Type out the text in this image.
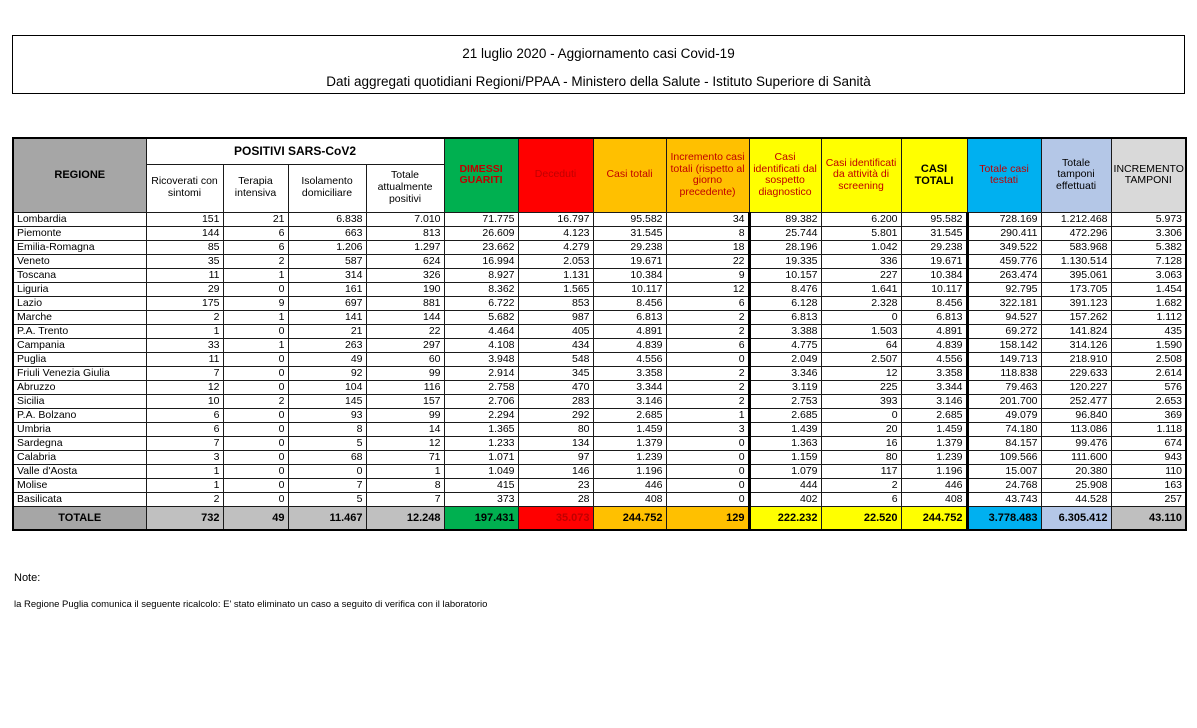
21 luglio 2020 - Aggiornamento casi Covid-19
Dati aggregati quotidiani Regioni/PPAA - Ministero della Salute - Istituto Superiore di Sanità
REGIONE	POSITIVI SARS-CoV2				DIMESSI GUARITI	Deceduti	Casi totali	Incremento casi totali (rispetto al giorno precedente)	Casi identificati dal sospetto diagnostico	Casi identificati da attività di screening	CASI TOTALI	Totale casi testati	Totale tamponi effettuati	INCREMENTO TAMPONI
	Ricoverati con sintomi	Terapia intensiva	Isolamento domiciliare	Totale attualmente positivi										
Lombardia	151	21	6.838	7.010	71.775	16.797	95.582	34	89.382	6.200	95.582	728.169	1.212.468	5.973
Piemonte	144	6	663	813	26.609	4.123	31.545	8	25.744	5.801	31.545	290.411	472.296	3.306
Emilia-Romagna	85	6	1.206	1.297	23.662	4.279	29.238	18	28.196	1.042	29.238	349.522	583.968	5.382
Veneto	35	2	587	624	16.994	2.053	19.671	22	19.335	336	19.671	459.776	1.130.514	7.128
Toscana	11	1	314	326	8.927	1.131	10.384	9	10.157	227	10.384	263.474	395.061	3.063
Liguria	29	0	161	190	8.362	1.565	10.117	12	8.476	1.641	10.117	92.795	173.705	1.454
Lazio	175	9	697	881	6.722	853	8.456	6	6.128	2.328	8.456	322.181	391.123	1.682
Marche	2	1	141	144	5.682	987	6.813	2	6.813	0	6.813	94.527	157.262	1.112
P.A. Trento	1	0	21	22	4.464	405	4.891	2	3.388	1.503	4.891	69.272	141.824	435
Campania	33	1	263	297	4.108	434	4.839	6	4.775	64	4.839	158.142	314.126	1.590
Puglia	11	0	49	60	3.948	548	4.556	0	2.049	2.507	4.556	149.713	218.910	2.508
Friuli Venezia Giulia	7	0	92	99	2.914	345	3.358	2	3.346	12	3.358	118.838	229.633	2.614
Abruzzo	12	0	104	116	2.758	470	3.344	2	3.119	225	3.344	79.463	120.227	576
Sicilia	10	2	145	157	2.706	283	3.146	2	2.753	393	3.146	201.700	252.477	2.653
P.A. Bolzano	6	0	93	99	2.294	292	2.685	1	2.685	0	2.685	49.079	96.840	369
Umbria	6	0	8	14	1.365	80	1.459	3	1.439	20	1.459	74.180	113.086	1.118
Sardegna	7	0	5	12	1.233	134	1.379	0	1.363	16	1.379	84.157	99.476	674
Calabria	3	0	68	71	1.071	97	1.239	0	1.159	80	1.239	109.566	111.600	943
Valle d'Aosta	1	0	0	1	1.049	146	1.196	0	1.079	117	1.196	15.007	20.380	110
Molise	1	0	7	8	415	23	446	0	444	2	446	24.768	25.908	163
Basilicata	2	0	5	7	373	28	408	0	402	6	408	43.743	44.528	257
TOTALE	732	49	11.467	12.248	197.431	35.073	244.752	129	222.232	22.520	244.752	3.778.483	6.305.412	43.110
Note:
la Regione Puglia comunica il seguente ricalcolo: E' stato eliminato un caso a seguito di verifica con il laboratorio
